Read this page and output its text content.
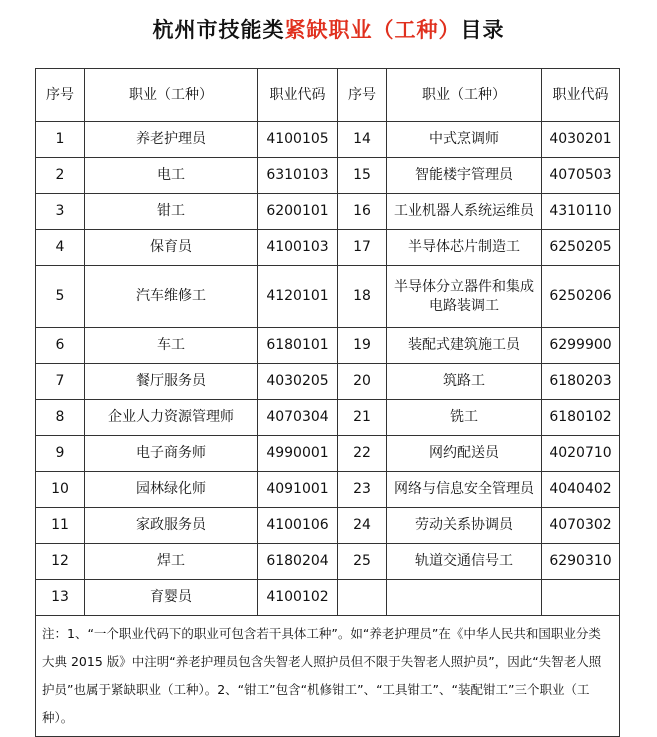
杭州市技能类紧缺职业（工种）目录
序号	职业（工种）	职业代码	序号	职业（工种）	职业代码
1	养老护理员	4100105	14	中式烹调师	4030201
2	电工	6310103	15	智能楼宇管理员	4070503
3	钳工	6200101	16	工业机器人系统运维员	4310110
4	保育员	4100103	17	半导体芯片制造工	6250205
5	汽车维修工	4120101	18	半导体分立器件和集成电路装调工	6250206
6	车工	6180101	19	装配式建筑施工员	6299900
7	餐厅服务员	4030205	20	筑路工	6180203
8	企业人力资源管理师	4070304	21	铣工	6180102
9	电子商务师	4990001	22	网约配送员	4020710
10	园林绿化师	4091001	23	网络与信息安全管理员	4040402
11	家政服务员	4100106	24	劳动关系协调员	4070302
12	焊工	6180204	25	轨道交通信号工	6290310
13	育婴员	4100102			
注：1、“一个职业代码下的职业可包含若干具体工种”。如“养老护理员”在《中华人民共和国职业分类大典 2015 版》中注明“养老护理员包含失智老人照护员但不限于失智老人照护员”，因此“失智老人照护员”也属于紧缺职业（工种）。2、“钳工”包含“机修钳工”、“工具钳工”、“装配钳工”三个职业（工种）。					
